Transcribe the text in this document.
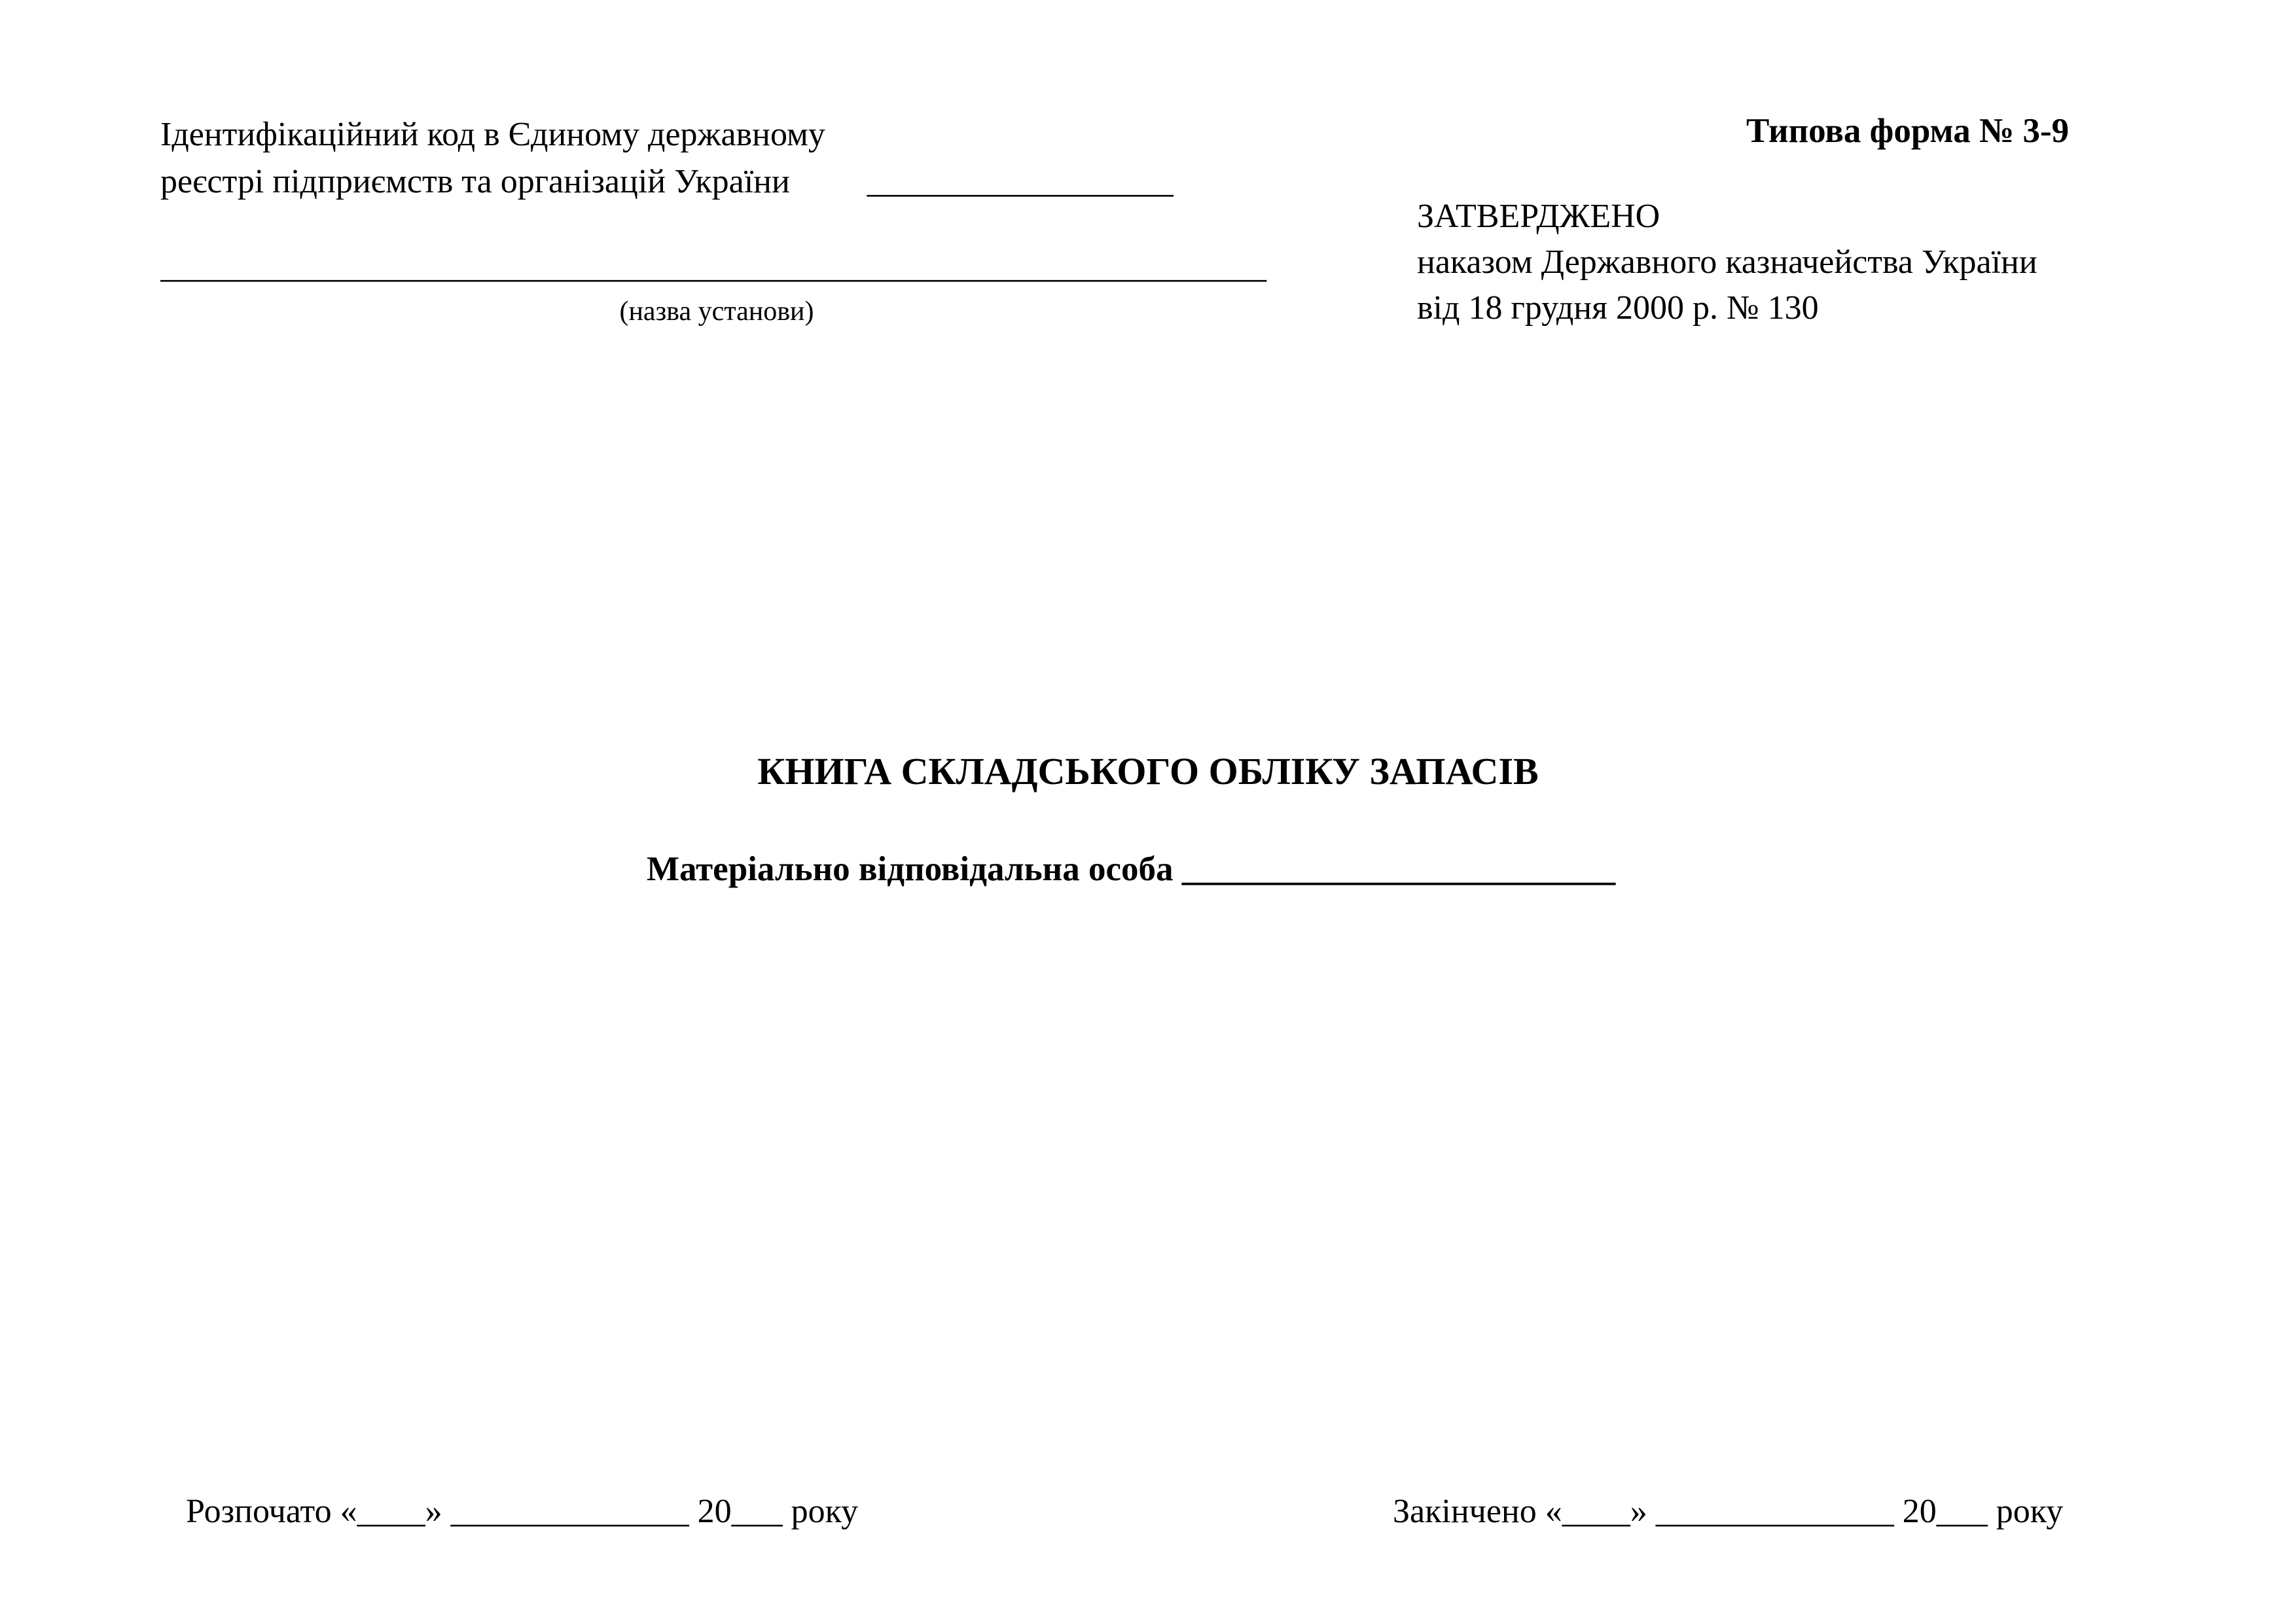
Ідентифікаційний код в Єдиному державному
реєстрі підприємств та організацій України __________________
_________________________________________________________________
(назва установи)
Типова форма № 3-9
ЗАТВЕРДЖЕНО
наказом Державного казначейства України
від 18 грудня 2000 р. № 130
КНИГА СКЛАДСЬКОГО ОБЛІКУ ЗАПАСІВ
Матеріально відповідальна особа _________________________
Розпочато «____» ______________ 20___ року	Закінчено «____» ______________ 20___ року
